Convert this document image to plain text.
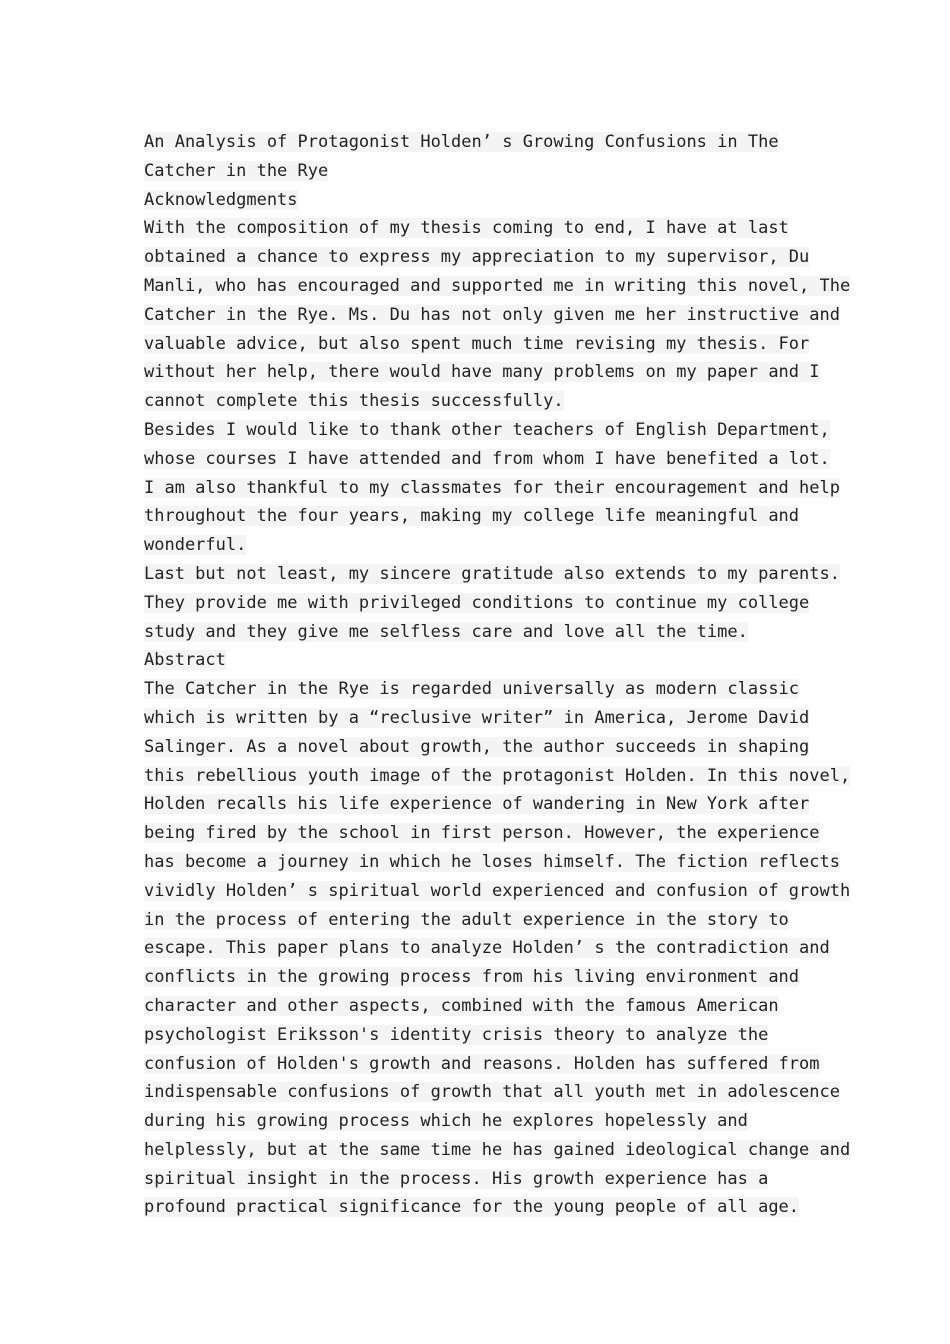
An Analysis of Protagonist Holden’ s Growing Confusions in The
Catcher in the Rye
Acknowledgments
With the composition of my thesis coming to end, I have at last
obtained a chance to express my appreciation to my supervisor, Du
Manli, who has encouraged and supported me in writing this novel, The
Catcher in the Rye. Ms. Du has not only given me her instructive and
valuable advice, but also spent much time revising my thesis. For
without her help, there would have many problems on my paper and I
cannot complete this thesis successfully.
Besides I would like to thank other teachers of English Department,
whose courses I have attended and from whom I have benefited a lot.
I am also thankful to my classmates for their encouragement and help
throughout the four years, making my college life meaningful and
wonderful.
Last but not least, my sincere gratitude also extends to my parents.
They provide me with privileged conditions to continue my college
study and they give me selfless care and love all the time.
Abstract
The Catcher in the Rye is regarded universally as modern classic
which is written by a “reclusive writer” in America, Jerome David
Salinger. As a novel about growth, the author succeeds in shaping
this rebellious youth image of the protagonist Holden. In this novel,
Holden recalls his life experience of wandering in New York after
being fired by the school in first person. However, the experience
has become a journey in which he loses himself. The fiction reflects
vividly Holden’ s spiritual world experienced and confusion of growth
in the process of entering the adult experience in the story to
escape. This paper plans to analyze Holden’ s the contradiction and
conflicts in the growing process from his living environment and
character and other aspects, combined with the famous American
psychologist Eriksson's identity crisis theory to analyze the
confusion of Holden's growth and reasons. Holden has suffered from
indispensable confusions of growth that all youth met in adolescence
during his growing process which he explores hopelessly and
helplessly, but at the same time he has gained ideological change and
spiritual insight in the process. His growth experience has a
profound practical significance for the young people of all age.
